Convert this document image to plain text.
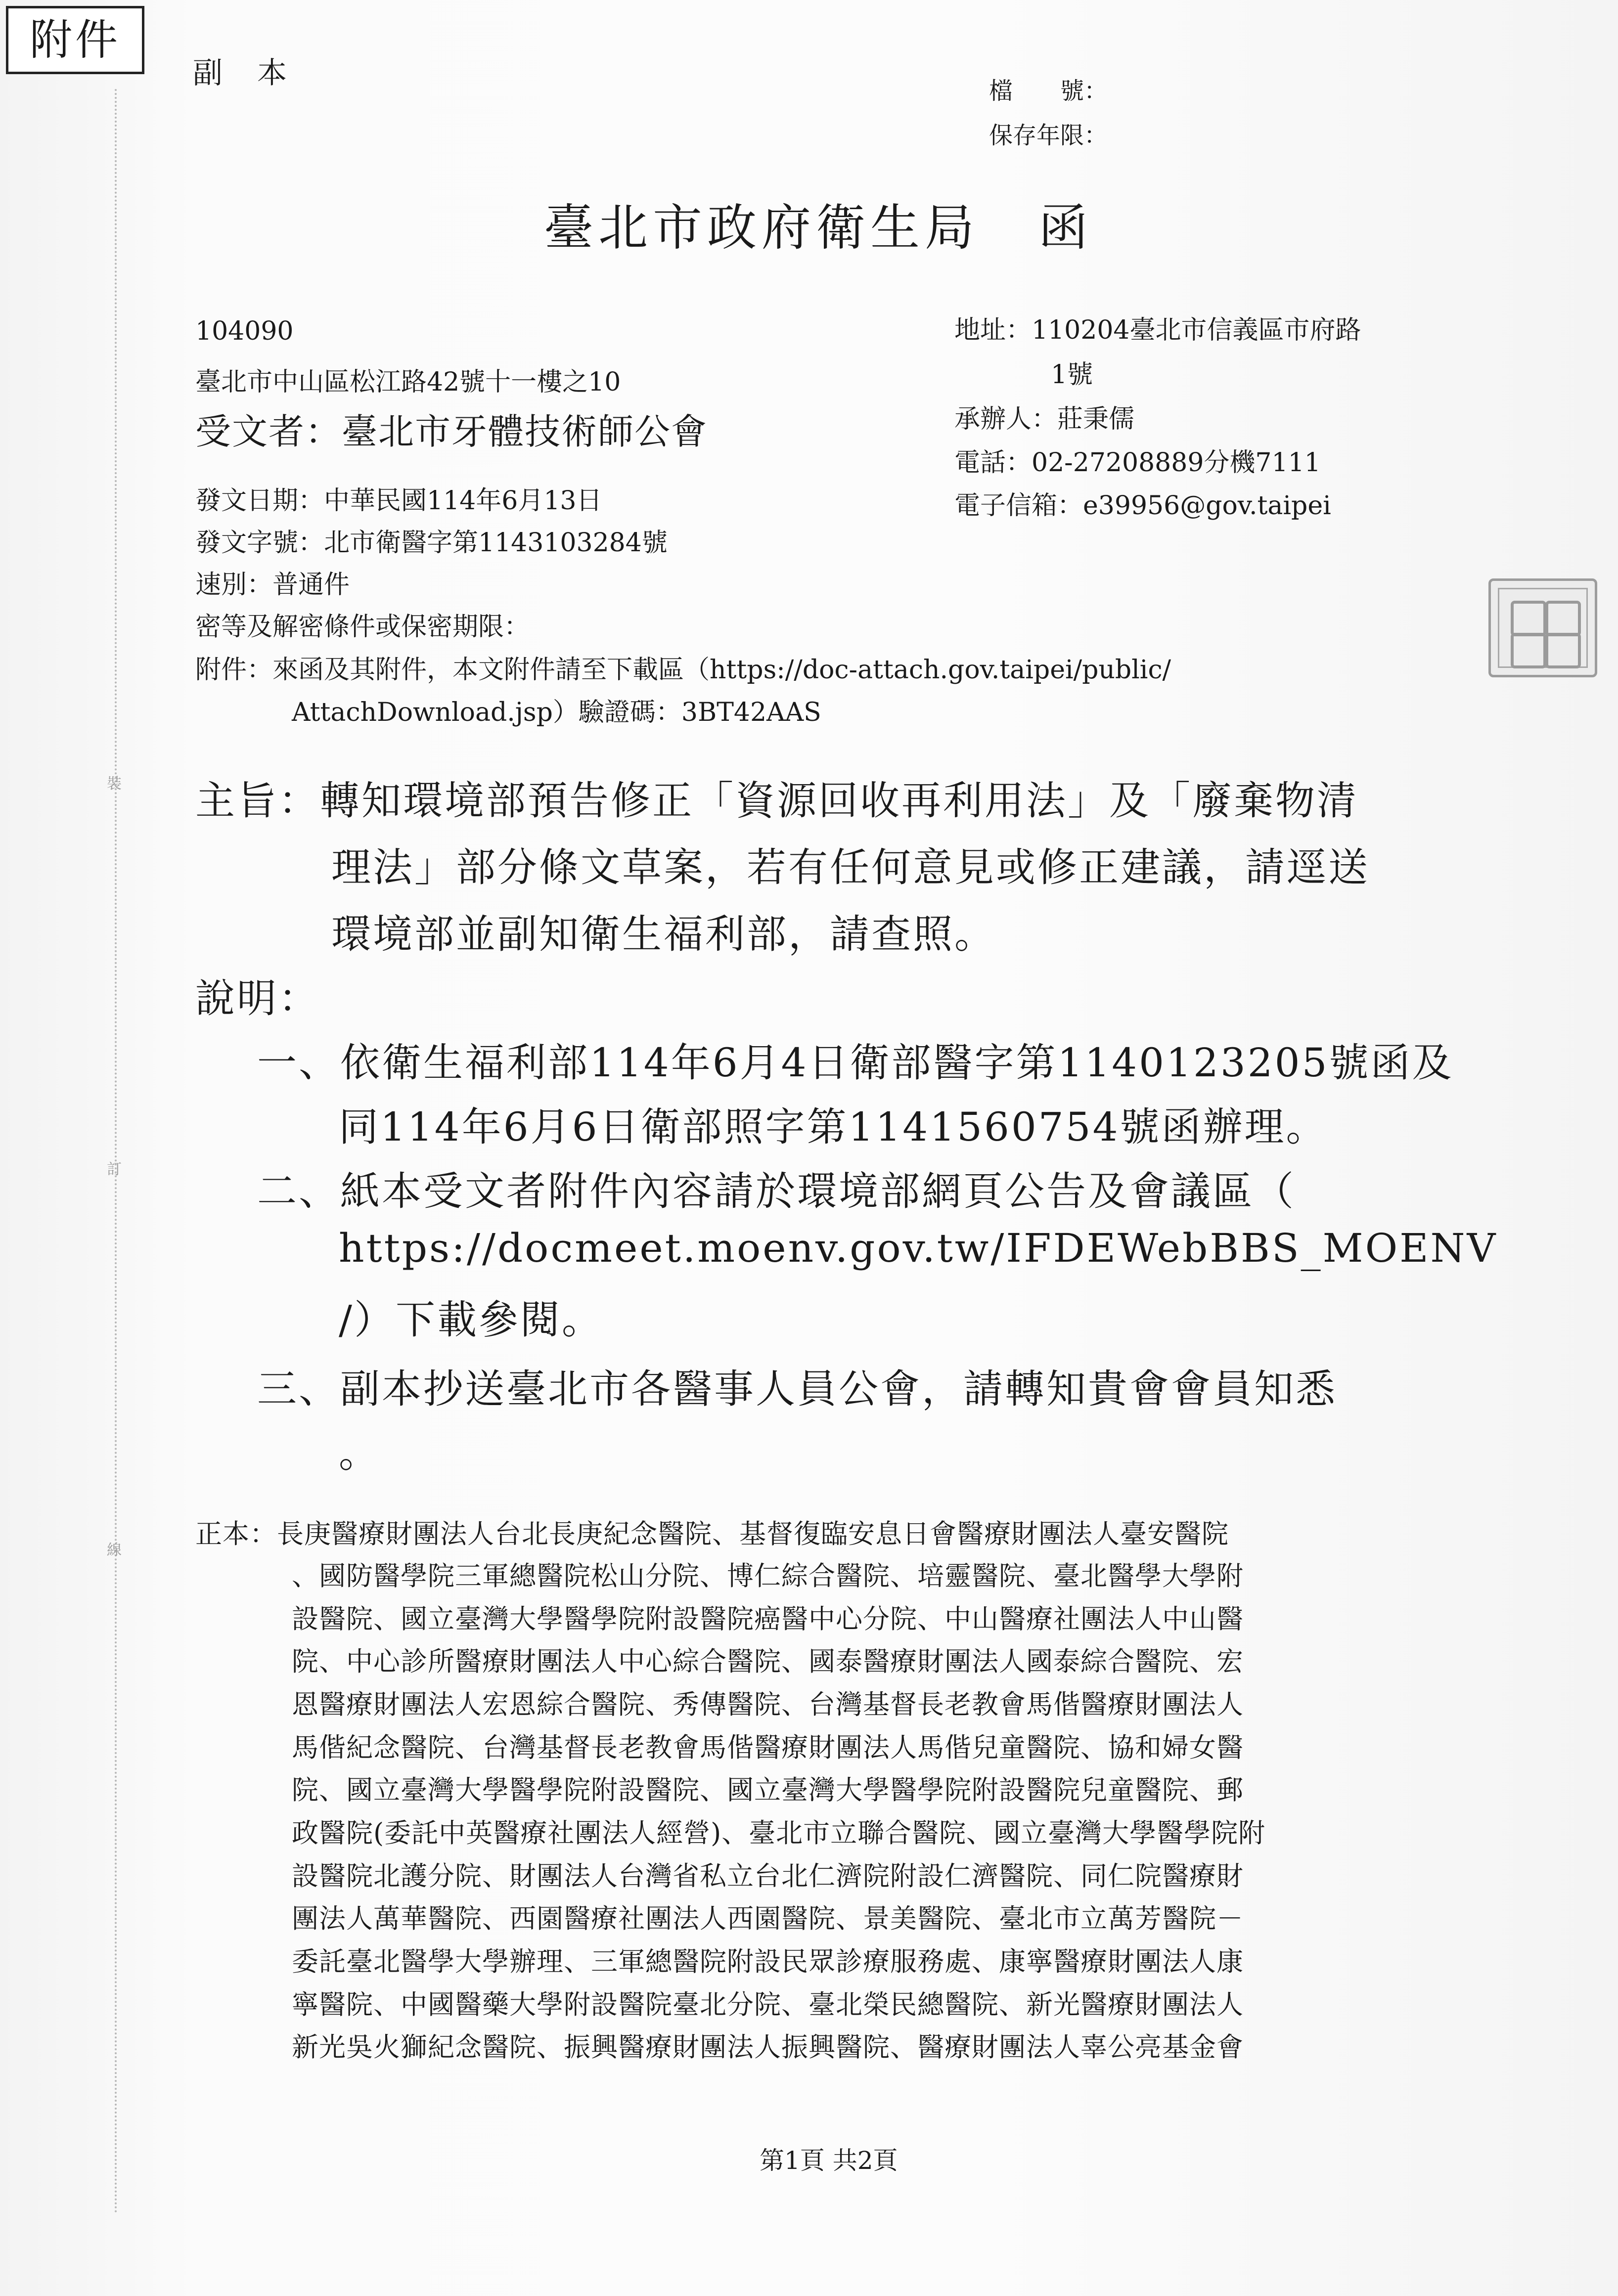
裝
訂
線
附件
副本
檔　　號：
保存年限：
臺北市政府衛生局 函
104090
臺北市中山區松江路42號十一樓之10
受文者：臺北市牙體技術師公會
地址：110204臺北市信義區市府路
1號
承辦人：莊秉儒
電話：02-27208889分機7111
電子信箱：e39956@gov.taipei
發文日期：中華民國114年6月13日
發文字號：北市衛醫字第1143103284號
速別：普通件
密等及解密條件或保密期限：
附件：來函及其附件，本文附件請至下載區（https://doc-attach.gov.taipei/public/
AttachDownload.jsp）驗證碼：3BT42AAS
主旨：轉知環境部預告修正「資源回收再利用法」及「廢棄物清
理法」部分條文草案，若有任何意見或修正建議，請逕送
環境部並副知衛生福利部，請查照。
說明：
一、依衛生福利部114年6月4日衛部醫字第1140123205號函及
同114年6月6日衛部照字第1141560754號函辦理。
二、紙本受文者附件內容請於環境部網頁公告及會議區（
https://docmeet.moenv.gov.tw/IFDEWebBBS_MOENV
/）下載參閱。
三、副本抄送臺北市各醫事人員公會，請轉知貴會會員知悉
。
正本：長庚醫療財團法人台北長庚紀念醫院、基督復臨安息日會醫療財團法人臺安醫院
、國防醫學院三軍總醫院松山分院、博仁綜合醫院、培靈醫院、臺北醫學大學附
設醫院、國立臺灣大學醫學院附設醫院癌醫中心分院、中山醫療社團法人中山醫
院、中心診所醫療財團法人中心綜合醫院、國泰醫療財團法人國泰綜合醫院、宏
恩醫療財團法人宏恩綜合醫院、秀傳醫院、台灣基督長老教會馬偕醫療財團法人
馬偕紀念醫院、台灣基督長老教會馬偕醫療財團法人馬偕兒童醫院、協和婦女醫
院、國立臺灣大學醫學院附設醫院、國立臺灣大學醫學院附設醫院兒童醫院、郵
政醫院(委託中英醫療社團法人經營)、臺北市立聯合醫院、國立臺灣大學醫學院附
設醫院北護分院、財團法人台灣省私立台北仁濟院附設仁濟醫院、同仁院醫療財
團法人萬華醫院、西園醫療社團法人西園醫院、景美醫院、臺北市立萬芳醫院－
委託臺北醫學大學辦理、三軍總醫院附設民眾診療服務處、康寧醫療財團法人康
寧醫院、中國醫藥大學附設醫院臺北分院、臺北榮民總醫院、新光醫療財團法人
新光吳火獅紀念醫院、振興醫療財團法人振興醫院、醫療財團法人辜公亮基金會
第1頁 共2頁
